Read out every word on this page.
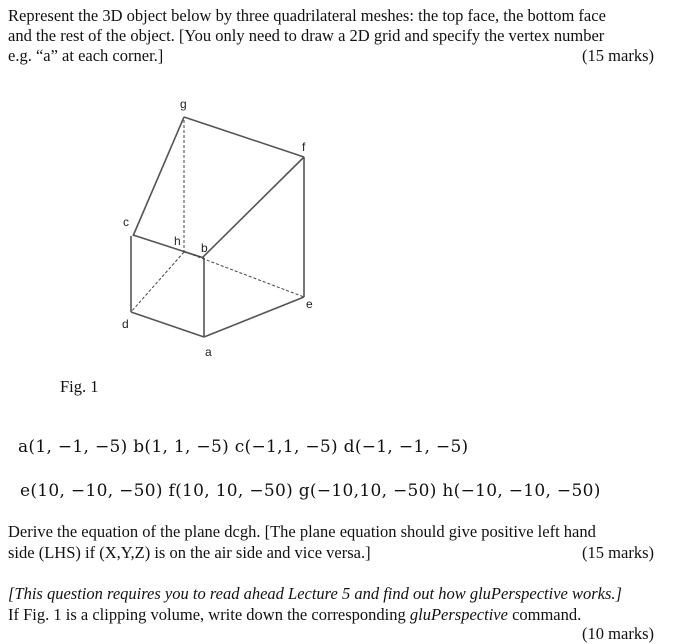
Represent the 3D object below by three quadrilateral meshes: the top face, the bottom face
and the rest of the object. [You only need to draw a 2D grid and specify the vertex number
e.g. “a” at each corner.]	(15 marks)
g
f
c
h b
e
d
a
Fig. 1
a(1, −1, −5) b(1, 1, −5) c(−1,1, −5) d(−1, −1, −5)
e(10, −10, −50) f(10, 10, −50) g(−10,10, −50) h(−10, −10, −50)
Derive the equation of the plane dcgh. [The plane equation should give positive left hand
side (LHS) if (X,Y,Z) is on the air side and vice versa.]	(15 marks)
[This question requires you to read ahead Lecture 5 and find out how gluPerspective works.]
If Fig. 1 is a clipping volume, write down the corresponding gluPerspective command.
(10 marks)
